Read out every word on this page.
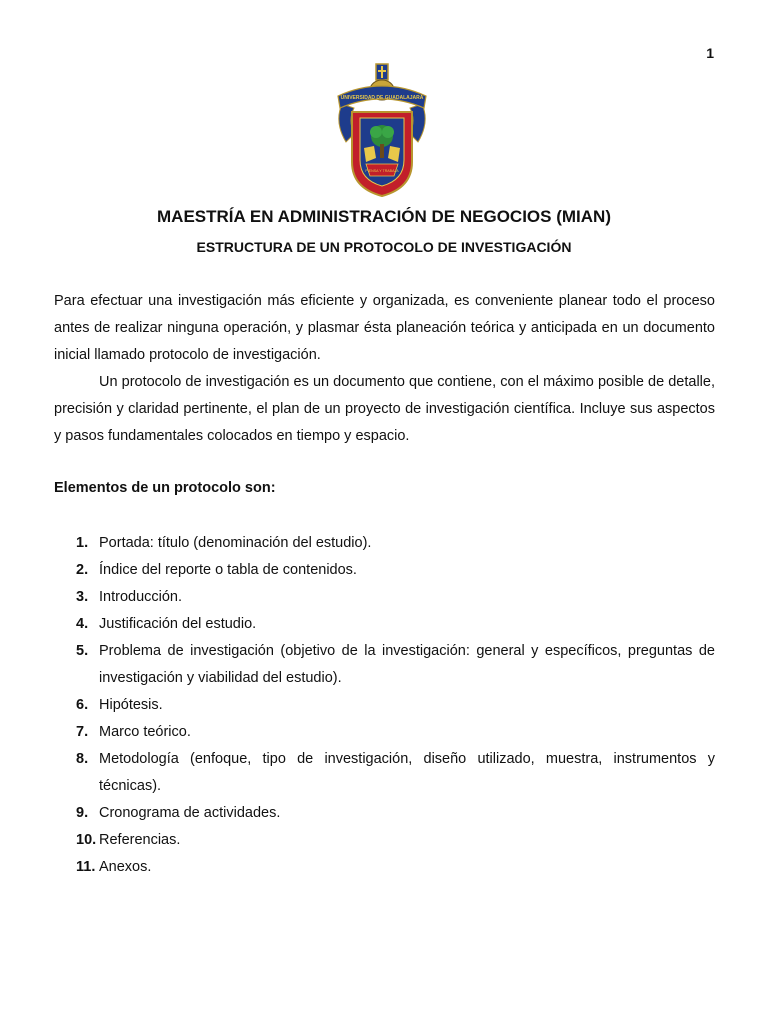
1
UNIVERSIDAD DE GUADALAJARA
PIENSA Y TRABAJA
MAESTRÍA EN ADMINISTRACIÓN DE NEGOCIOS (MIAN)
ESTRUCTURA DE UN PROTOCOLO DE INVESTIGACIÓN

Para efectuar una investigación más eficiente y organizada, es conveniente planear todo el proceso antes de realizar ninguna operación, y plasmar ésta planeación teórica y anticipada en un documento inicial llamado protocolo de investigación.

Un protocolo de investigación es un documento que contiene, con el máximo posible de detalle, precisión y claridad pertinente, el plan de un proyecto de investigación científica. Incluye sus aspectos y pasos fundamentales colocados en tiempo y espacio.

Elementos de un protocolo son:
1. Portada: título (denominación del estudio).
2. Índice del reporte o tabla de contenidos.
3. Introducción.
4. Justificación del estudio.
5. Problema de investigación (objetivo de la investigación: general y específicos, preguntas de investigación y viabilidad del estudio).
6. Hipótesis.
7. Marco teórico.
8. Metodología (enfoque, tipo de investigación, diseño utilizado, muestra, instrumentos y técnicas).
9. Cronograma de actividades.
10. Referencias.
11. Anexos.
